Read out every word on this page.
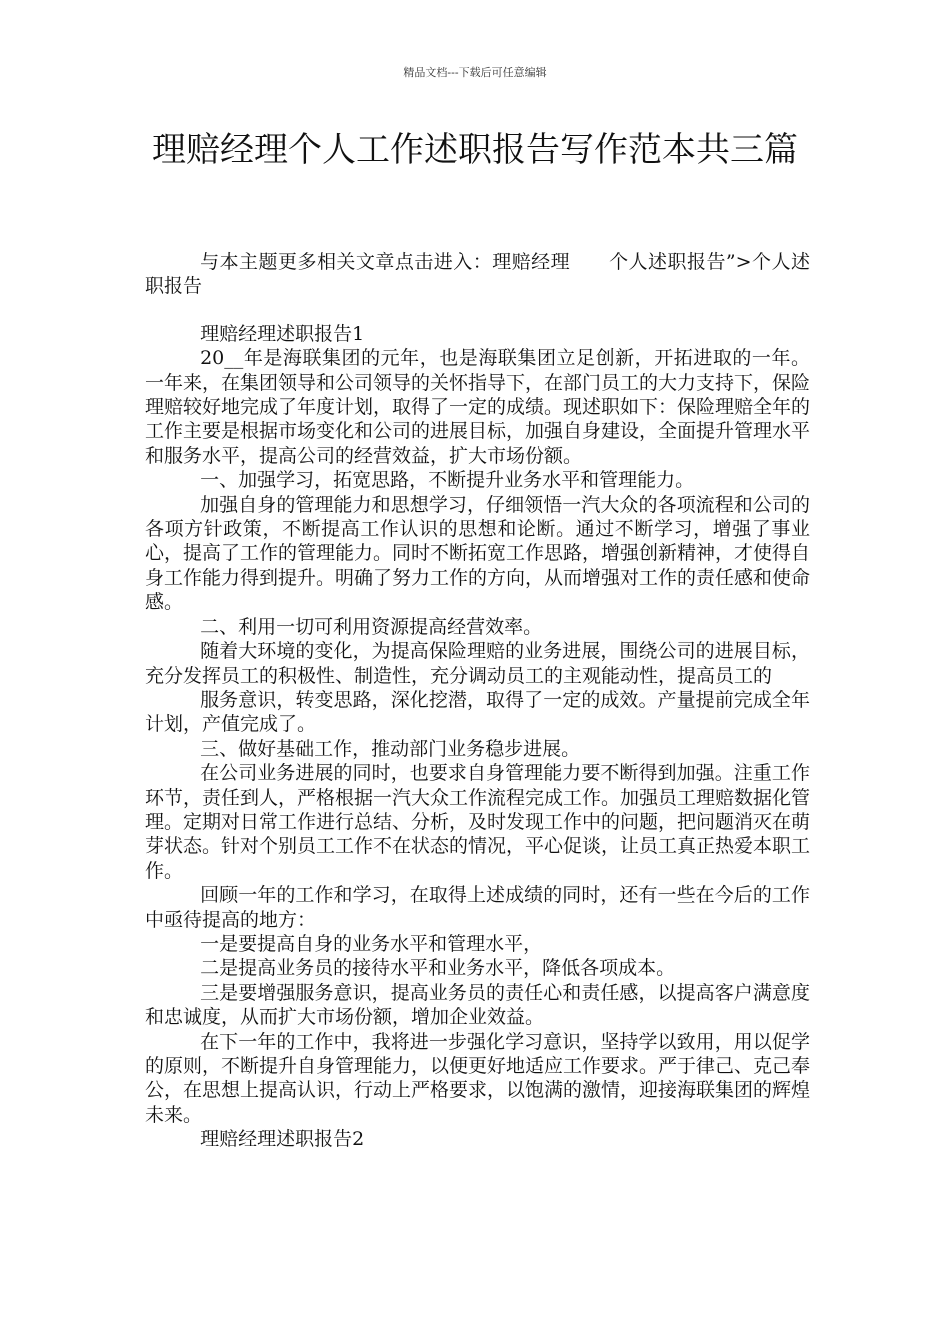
精品文档---下载后可任意编辑
理赔经理个人工作述职报告写作范本共三篇

与本主题更多相关文章点击进入：理赔经理　　个人述职报告”>个人述职报告

理赔经理述职报告1

20__年是海联集团的元年，也是海联集团立足创新，开拓进取的一年。一年来，在集团领导和公司领导的关怀指导下，在部门员工的大力支持下，保险理赔较好地完成了年度计划，取得了一定的成绩。现述职如下：保险理赔全年的工作主要是根据市场变化和公司的进展目标，加强自身建设，全面提升管理水平和服务水平，提高公司的经营效益，扩大市场份额。

一、加强学习，拓宽思路，不断提升业务水平和管理能力。

加强自身的管理能力和思想学习，仔细领悟一汽大众的各项流程和公司的各项方针政策，不断提高工作认识的思想和论断。通过不断学习，增强了事业心，提高了工作的管理能力。同时不断拓宽工作思路，增强创新精神，才使得自身工作能力得到提升。明确了努力工作的方向，从而增强对工作的责任感和使命感。

二、利用一切可利用资源提高经营效率。

随着大环境的变化，为提高保险理赔的业务进展，围绕公司的进展目标，充分发挥员工的积极性、制造性，充分调动员工的主观能动性，提高员工的

服务意识，转变思路，深化挖潜，取得了一定的成效。产量提前完成全年计划，产值完成了。

三、做好基础工作，推动部门业务稳步进展。

在公司业务进展的同时，也要求自身管理能力要不断得到加强。注重工作环节，责任到人，严格根据一汽大众工作流程完成工作。加强员工理赔数据化管理。定期对日常工作进行总结、分析，及时发现工作中的问题，把问题消灭在萌芽状态。针对个别员工工作不在状态的情况，平心促谈，让员工真正热爱本职工作。

回顾一年的工作和学习，在取得上述成绩的同时，还有一些在今后的工作中亟待提高的地方：

一是要提高自身的业务水平和管理水平，

二是提高业务员的接待水平和业务水平，降低各项成本。

三是要增强服务意识，提高业务员的责任心和责任感，以提高客户满意度和忠诚度，从而扩大市场份额，增加企业效益。

在下一年的工作中，我将进一步强化学习意识，坚持学以致用，用以促学的原则，不断提升自身管理能力，以便更好地适应工作要求。严于律己、克己奉公，在思想上提高认识，行动上严格要求，以饱满的激情，迎接海联集团的辉煌未来。

理赔经理述职报告2
